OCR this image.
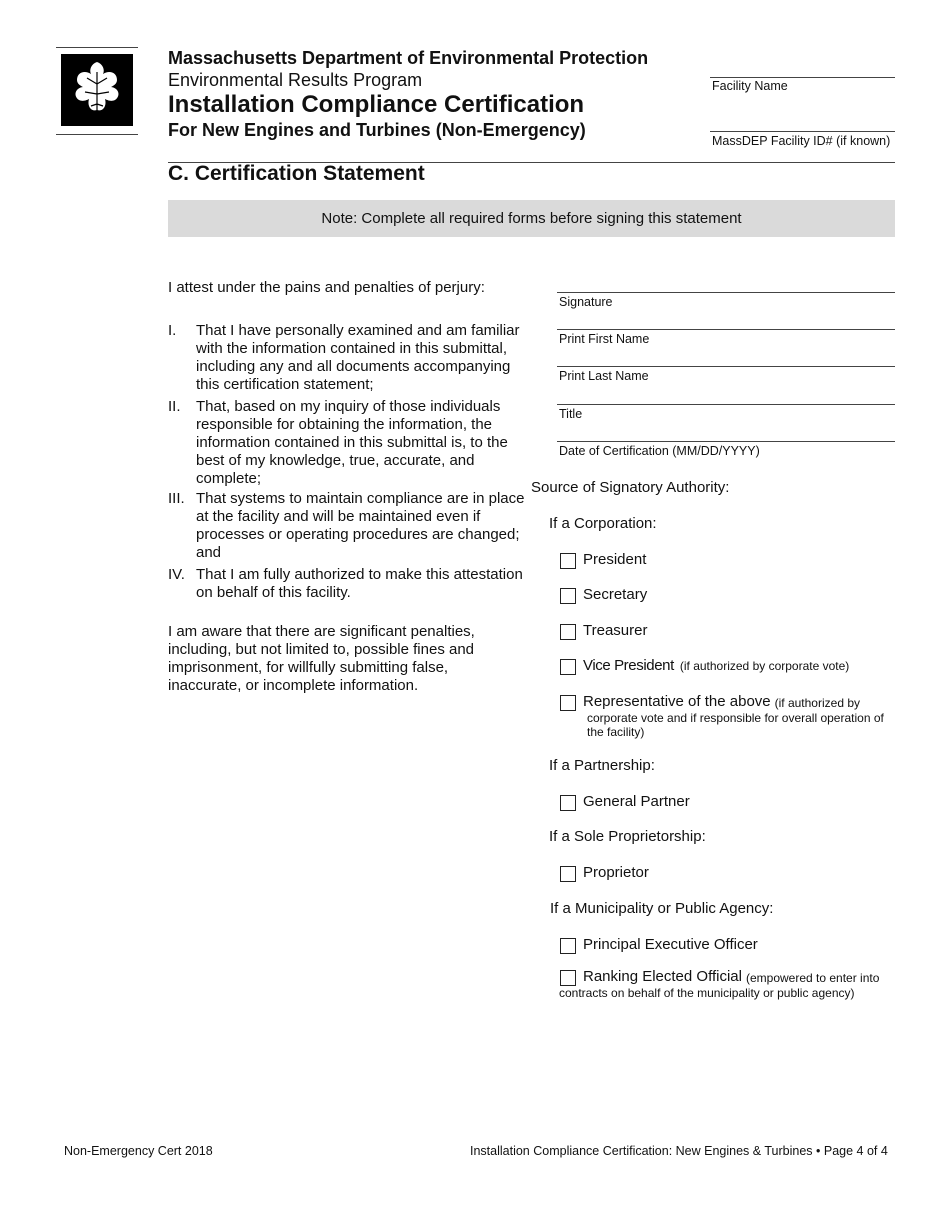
Massachusetts Department of Environmental Protection
Environmental Results Program
Installation Compliance Certification
For New Engines and Turbines (Non-Emergency)
Facility Name
MassDEP Facility ID# (if known)
C. Certification Statement
Note: Complete all required forms before signing this statement
I attest under the pains and penalties of perjury:
I. That I have personally examined and am familiar with the information contained in this submittal, including any and all documents accompanying this certification statement;
II. That, based on my inquiry of those individuals responsible for obtaining the information, the information contained in this submittal is, to the best of my knowledge, true, accurate, and complete;
III. That systems to maintain compliance are in place at the facility and will be maintained even if processes or operating procedures are changed; and
IV. That I am fully authorized to make this attestation on behalf of this facility.
I am aware that there are significant penalties, including, but not limited to, possible fines and imprisonment, for willfully submitting false, inaccurate, or incomplete information.
Signature
Print First Name
Print Last Name
Title
Date of Certification (MM/DD/YYYY)
Source of Signatory Authority:
If a Corporation:
President
Secretary
Treasurer
Vice President (if authorized by corporate vote)
Representative of the above (if authorized by
corporate vote and if responsible for overall operation of
the facility)
If a Partnership:
General Partner
If a Sole Proprietorship:
Proprietor
If a Municipality or Public Agency:
Principal Executive Officer
Ranking Elected Official (empowered to enter into
contracts on behalf of the municipality or public agency)
Non-Emergency Cert 2018	Installation Compliance Certification: New Engines & Turbines • Page 4 of 4
